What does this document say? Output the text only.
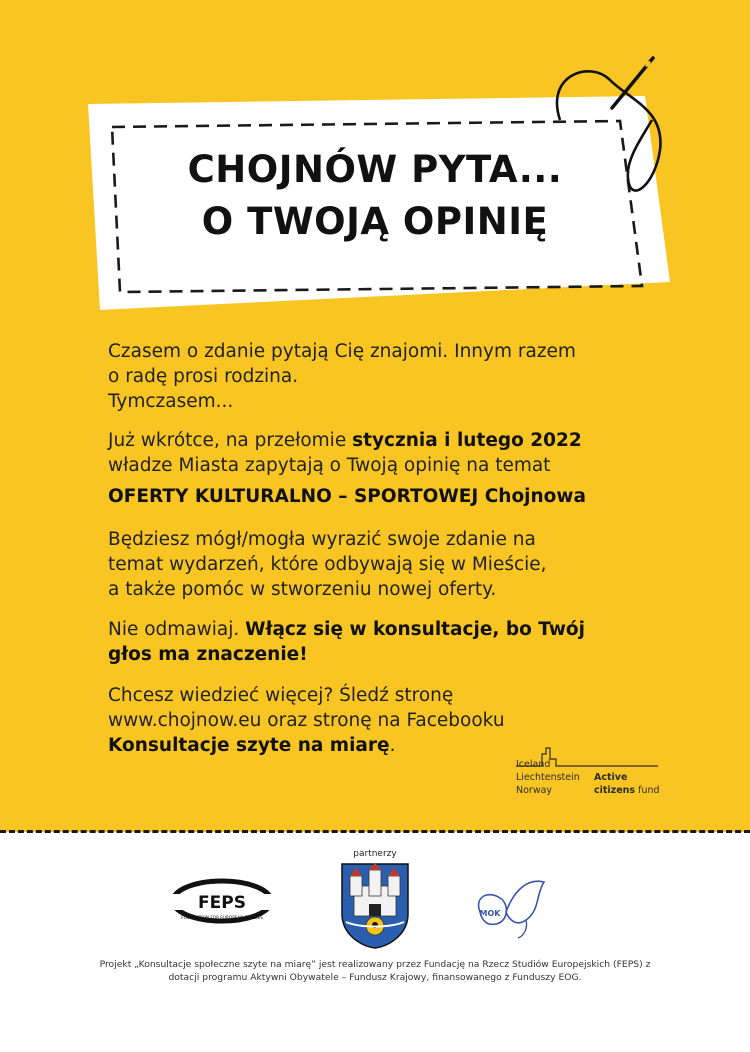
CHOJNÓW PYTA...
O TWOJĄ OPINIĘ

Czasem o zdanie pytają Cię znajomi. Innym razem
o radę prosi rodzina.
Tymczasem...

Już wkrótce, na przełomie stycznia i lutego 2022
władze Miasta zapytają o Twoją opinię na temat

OFERTY KULTURALNO – SPORTOWEJ Chojnowa

Będziesz mógł/mogła wyrazić swoje zdanie na
temat wydarzeń, które odbywają się w Mieście,
a także pomóc w stworzeniu nowej oferty.

Nie odmawiaj. Włącz się w konsultacje, bo Twój
głos ma znaczenie!

Chcesz wiedzieć więcej? Śledź stronę
www.chojnow.eu oraz stronę na Facebooku
Konsultacje szyte na miarę.

Iceland
Liechtenstein
Norway
Active
citizens fund
partnerzy
FEPS
FOUNDATION FOR EUROPEAN STUDIES	MOK

Projekt „Konsultacje społeczne szyte na miarę” jest realizowany przez Fundację na Rzecz Studiów Europejskich (FEPS) z

dotacji programu Aktywni Obywatele – Fundusz Krajowy, finansowanego z Funduszy EOG.
